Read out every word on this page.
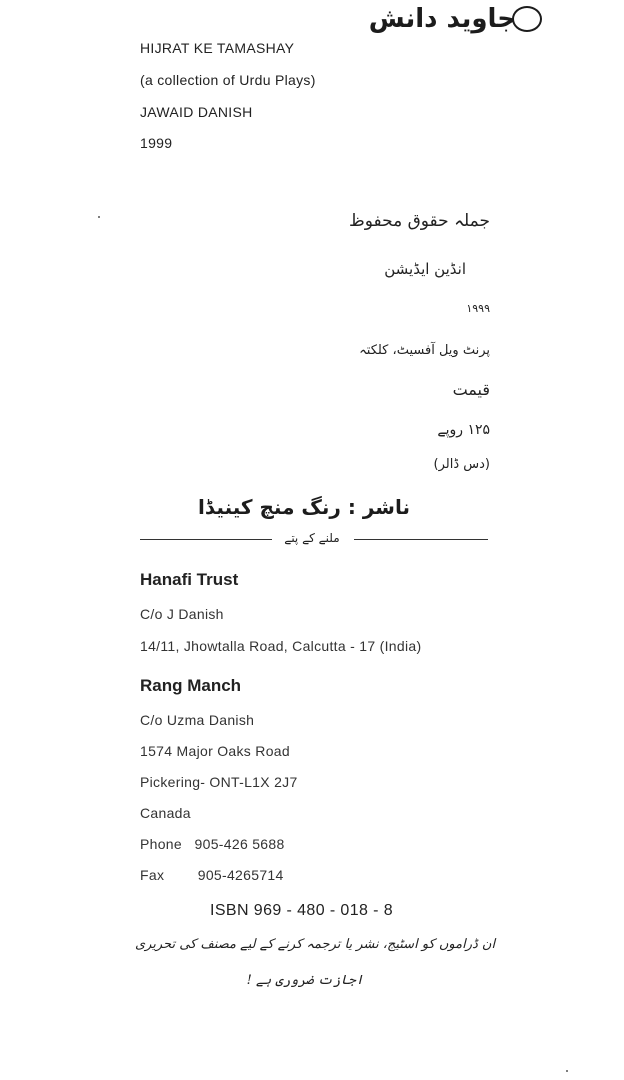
جاوید دانش
HIJRAT KE TAMASHAY
(a collection of Urdu Plays)
JAWAID DANISH
1999
جملہ حقوق محفوظ
انڈین ایڈیشن
۱۹۹۹
پرنٹ ویل آفسیٹ، کلکتہ
قیمت
۱۲۵ روپے
(دس ڈالر)
ناشر : رنگ منچ کینیڈا
ملنے کے پتے
Hanafi Trust
C/o J Danish
14/11, Jhowtalla Road, Calcutta - 17 (India)
Rang Manch
C/o Uzma Danish
1574 Major Oaks Road
Pickering- ONT-L1X 2J7
Canada
Phone   905-426 5688
Fax        905-4265714
ISBN 969 - 480 - 018 - 8
ان ڈراموں کو اسٹیج، نشر یا ترجمہ کرنے کے لیے مصنف کی تحریری
اجازت ضروری ہے !
